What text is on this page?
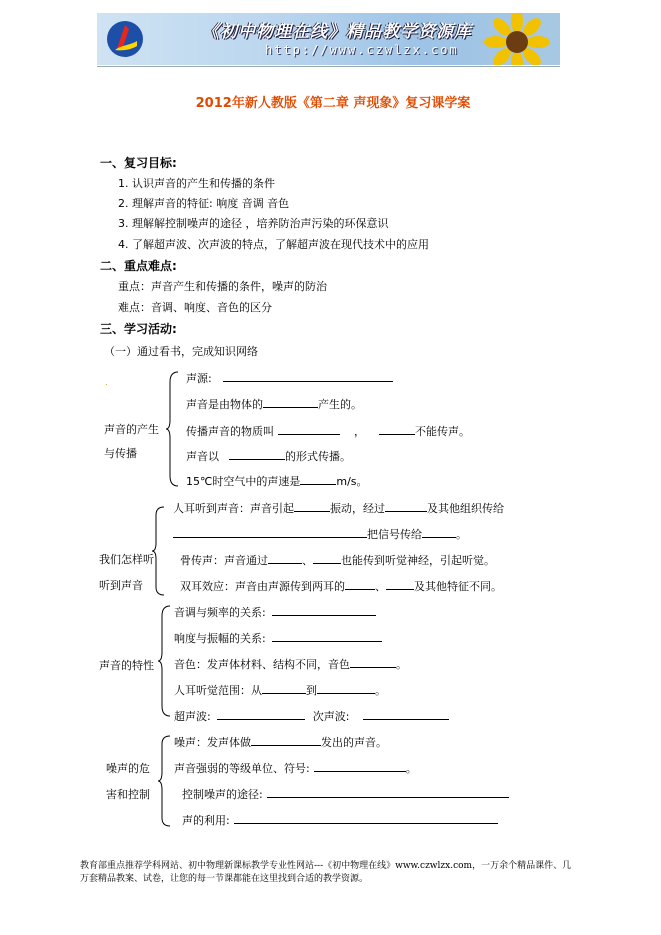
《初中物理在线》精品教学资源库
http://www.czwlzx.com
2012年新人教版《第二章 声现象》复习课学案
一、复习目标:
1. 认识声音的产生和传播的条件
2. 理解声音的特征: 响度 音调 音色
3. 理解解控制噪声的途径 ，培养防治声污染的环保意识
4. 了解超声波、次声波的特点，了解超声波在现代技术中的应用
二、重点难点:
重点：声音产生和传播的条件，噪声的防治
难点：音调、响度、音色的区分
三、学习活动:
（一）通过看书，完成知识网络
.
声音的产生
与传播
声源:
声音是由物体的	产生的。
传播声音的物质叫	，	不能传声。
声音以	的形式传播。
15℃时空气中的声速是	m/s。
我们怎样听
听到声音
人耳听到声音：声音引起	振动，经过	及其他组织传给
把信号传给	。
骨传声：声音通过	、	也能传到听觉神经，引起听觉。
双耳效应：声音由声源传到两耳的	、	及其他特征不同。
声音的特性
音调与频率的关系:
响度与振幅的关系:
音色：发声体材料、结构不同，音色	。
人耳听觉范围：从	到	。
超声波:	次声波:
噪声的危
害和控制
噪声：发声体做	发出的声音。
声音强弱的等级单位、符号:	。
控制噪声的途径:
声的利用:
教育部重点推荐学科网站、初中物理新课标教学专业性网站---《初中物理在线》www.czwlzx.com，一万余个精品课件、几万套精品教案、试卷，让您的每一节课都能在这里找到合适的教学资源。
